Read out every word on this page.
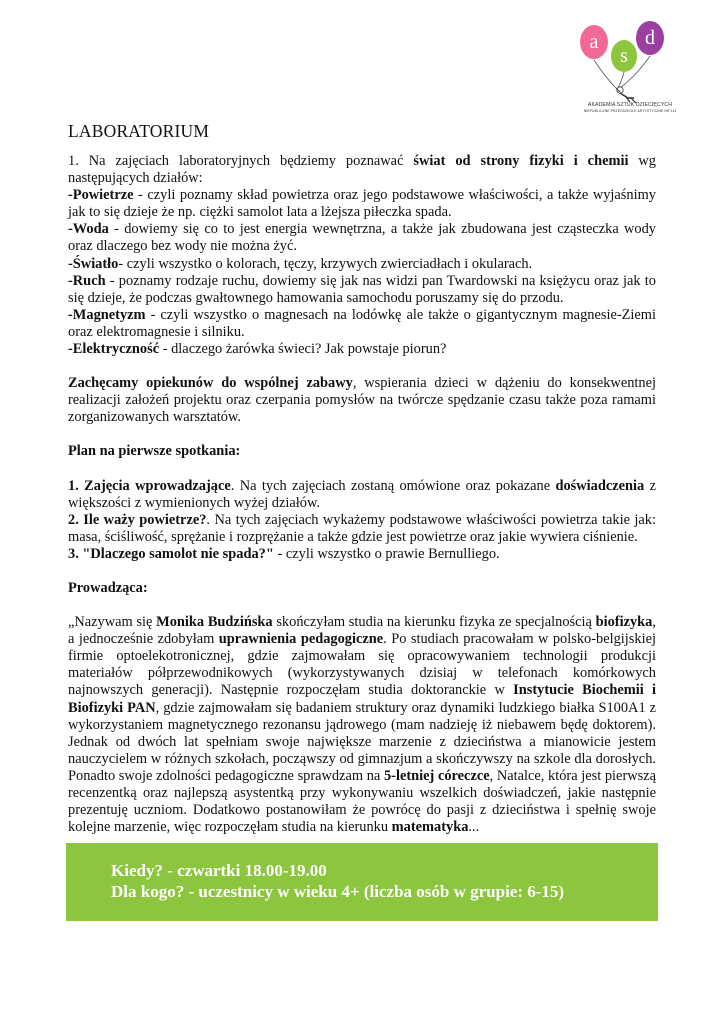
a
s
d
AKADEMIA SZTUK DZIECIĘCYCH
NIEPUBLICZNE PRZEDSZKOLE ARTYSTYCZNE NR 113
LABORATORIUM

1. Na zajęciach laboratoryjnych będziemy poznawać świat od strony fizyki i chemii wg następujących działów:

-Powietrze - czyli poznamy skład powietrza oraz jego podstawowe właściwości, a także wyjaśnimy jak to się dzieje że np. ciężki samolot lata a lżejsza piłeczka spada.

-Woda - dowiemy się co to jest energia wewnętrzna, a także jak zbudowana jest cząsteczka wody oraz dlaczego bez wody nie można żyć.

-Światło- czyli wszystko o kolorach, tęczy, krzywych zwierciadłach i okularach.

-Ruch - poznamy rodzaje ruchu, dowiemy się jak nas widzi pan Twardowski na księżycu oraz jak to się dzieje, że podczas gwałtownego hamowania samochodu poruszamy się do przodu.

-Magnetyzm - czyli wszystko o magnesach na lodówkę ale także o gigantycznym magnesie-Ziemi oraz elektromagnesie i silniku.

-Elektryczność - dlaczego żarówka świeci? Jak powstaje piorun?

Zachęcamy opiekunów do wspólnej zabawy, wspierania dzieci w dążeniu do konsekwentnej realizacji założeń projektu oraz czerpania pomysłów na twórcze spędzanie czasu także poza ramami zorganizowanych warsztatów.

Plan na pierwsze spotkania:

1. Zajęcia wprowadzające. Na tych zajęciach zostaną omówione oraz pokazane doświadczenia z większości z wymienionych wyżej działów.

2. Ile waży powietrze?. Na tych zajęciach wykażemy podstawowe właściwości powietrza takie jak: masa, ściśliwość, sprężanie i rozprężanie a także gdzie jest powietrze oraz jakie wywiera ciśnienie.

3. "Dlaczego samolot nie spada?" - czyli wszystko o prawie Bernulliego.

Prowadząca:

„Nazywam się Monika Budzińska skończyłam studia na kierunku fizyka ze specjalnością biofizyka, a jednocześnie zdobyłam uprawnienia pedagogiczne. Po studiach pracowałam w polsko-belgijskiej firmie optoelekotronicznej, gdzie zajmowałam się opracowywaniem technologii produkcji materiałów półprzewodnikowych (wykorzystywanych dzisiaj w telefonach komórkowych najnowszych generacji). Następnie rozpoczęłam studia doktoranckie w Instytucie Biochemii i Biofizyki PAN, gdzie zajmowałam się badaniem struktury oraz dynamiki ludzkiego białka S100A1 z wykorzystaniem magnetycznego rezonansu jądrowego (mam nadzieję iż niebawem będę doktorem). Jednak od dwóch lat spełniam swoje największe marzenie z dzieciństwa a mianowicie jestem nauczycielem w różnych szkołach, począwszy od gimnazjum a skończywszy na szkole dla dorosłych. Ponadto swoje zdolności pedagogiczne sprawdzam na 5-letniej córeczce, Natalce, która jest pierwszą recenzentką oraz najlepszą asystentką przy wykonywaniu wszelkich doświadczeń, jakie następnie prezentuję uczniom. Dodatkowo postanowiłam że powrócę do pasji z dzieciństwa i spełnię swoje kolejne marzenie, więc rozpoczęłam studia na kierunku matematyka...

Kiedy? - czwartki 18.00-19.00
Dla kogo? - uczestnicy w wieku 4+ (liczba osób w grupie: 6-15)
